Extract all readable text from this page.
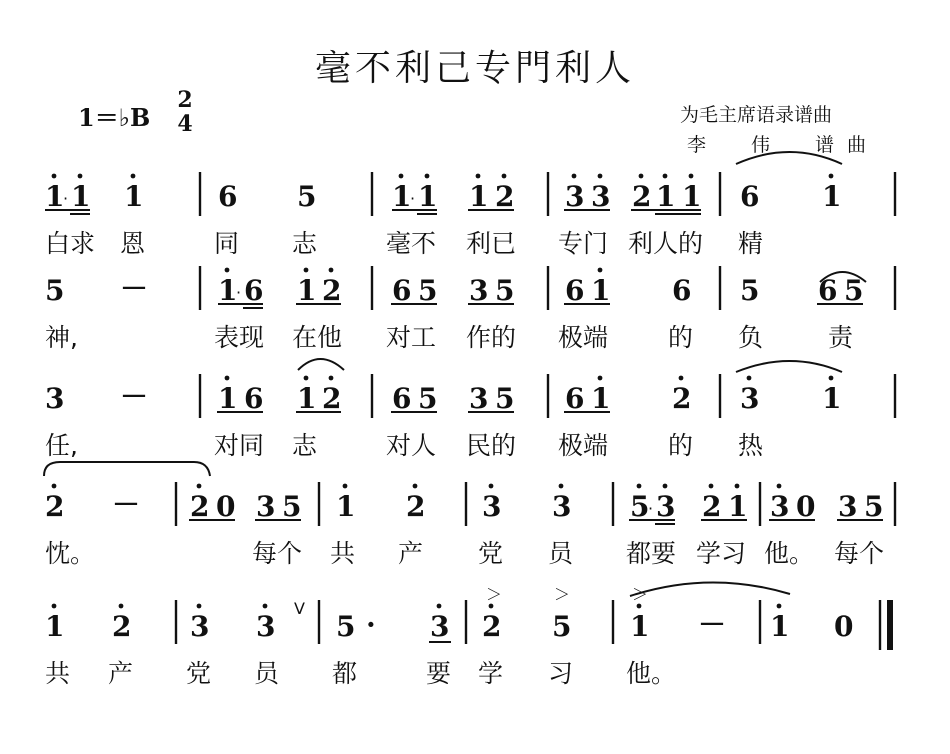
毫不利己专門利人
1＝♭B
2
4	为毛主席语录谱曲
李 伟 谱 曲
1
· 1 1	6 5	1
· 1 1 2 3 3 2 1 1 6 1
5 － 1
· 6 1 2 6 5 3 5 6 1 6 5 6 5
3 － 1 6 1 2 6 5 3 5 6 1 2 3 1
2 － 2 0 3 5 1 2 3 3 5
· 3 2 1 3 0 3 5
1 2 3 3
V
5 · 3
＞
2
＞
5
＞
1 － 1 0
白求 恩	同 志	毫不 利已 专门 利人的 精
神,	表现 在他 对工 作的 极端 的 负	责
任,	对同 志	对人 民的 极端 的 热
忱。	每个 共 产 党 员 都要 学习 他。 每个
共 产 党 员 都	要 学 习 他。
